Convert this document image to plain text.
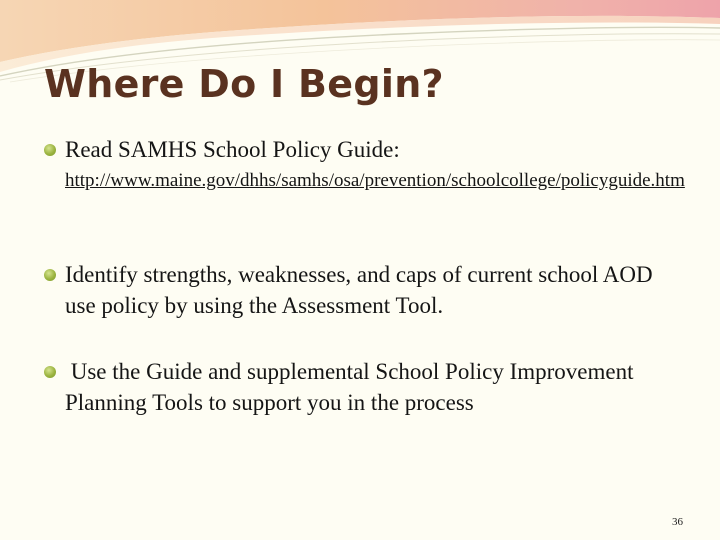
Where Do I Begin?
Read SAMHS School Policy Guide:
http://www.maine.gov/dhhs/samhs/osa/prevention/schoolcollege/policyguide.htm
Identify strengths, weaknesses, and caps of current school AOD use policy by using the Assessment Tool.
Use the Guide and supplemental School Policy Improvement Planning Tools to support you in the process
36
